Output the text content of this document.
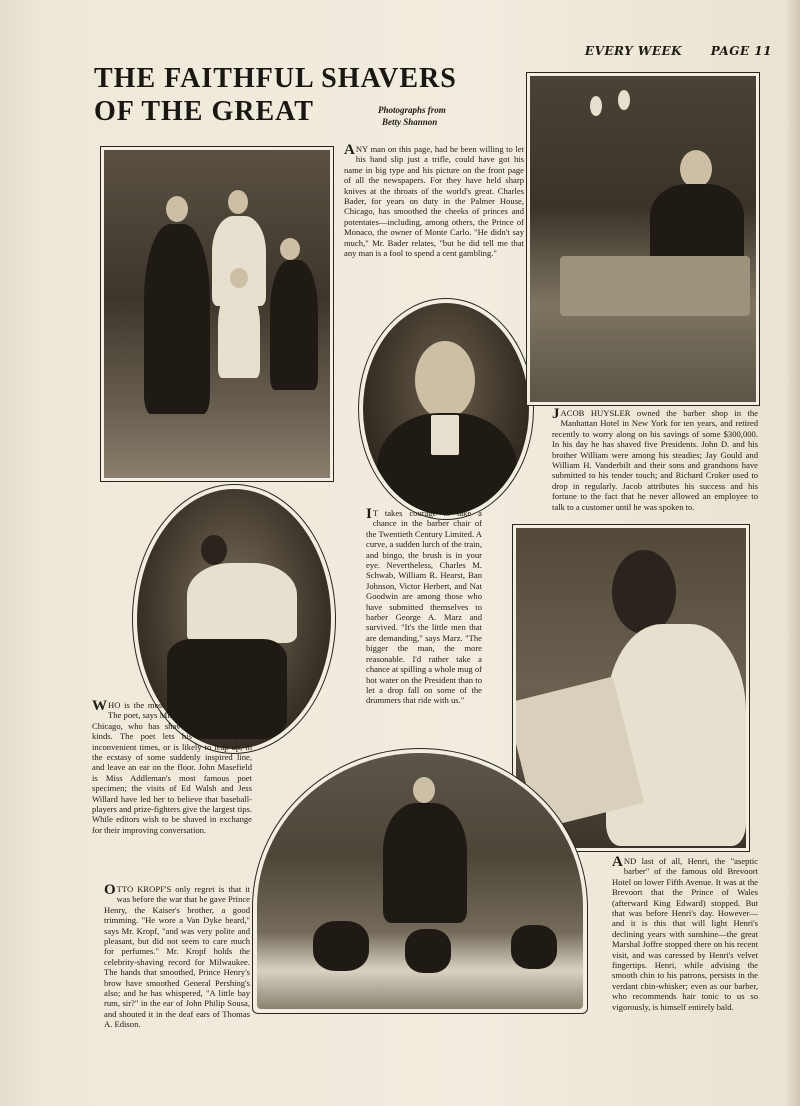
EVERY WEEK PAGE 11
THE FAITHFUL SHAVERS
OF THE GREAT	Photographs from
Betty Shannon
ANY man on this page, had he been willing to let his hand slip just a trifle, could have got his name in big type and his picture on the front page of all the newspapers. For they have held sharp knives at the throats of the world's great. Charles Bader, for years on duty in the Palmer House, Chicago, has smoothed the cheeks of princes and potentates—including, among others, the Prince of Monaco, the owner of Monte Carlo. "He didn't say much," Mr. Bader relates, "but he did tell me that any man is a fool to spend a cent gambling."
JACOB HUYSLER owned the barber shop in the Manhattan Hotel in New York for ten years, and retired recently to worry along on his savings of some $300,000. In his day he has shaved five Presidents. John D. and his brother William were among his steadies; Jay Gould and William H. Vanderbilt and their sons and grandsons have submitted to his tender touch; and Richard Croker used to drop in regularly. Jacob attributes his success and his fortune to the fact that he never allowed an employee to talk to a customer until he was spoken to.
I T takes courage to take a chance in the barber chair of the Twentieth Century Limited. A curve, a sudden lurch of the train, and bingo, the brush is in your eye. Nevertheless, Charles M. Schwab, William R. Hearst, Ban Johnson, Victor Herbert, and Nat Goodwin are among those who have submitted themselves to barber George A. Marz and survived. "It's the little men that are demanding," says Marz. "The bigger the man, the more reasonable. I'd rather take a chance at spilling a whole mug of hot water on the President than to let a drop fall on some of the drummers that ride with us."
WHO is the most difficult man to shave? The poet, says Miss Frances Addleman of Chicago, who has shaved and hair-cut all kinds. The poet lets his head drop at inconvenient times, or is likely to leap up, in the ecstasy of some suddenly inspired line, and leave an ear on the floor. John Masefield is Miss Addleman's most famous poet specimen; the visits of Ed Walsh and Jess Willard have led her to believe that baseball-players and prize-fighters give the largest tips. While editors wish to be shaved in exchange for their improving conversation.
OTTO KROPF'S only regret is that it was before the war that he gave Prince Henry, the Kaiser's brother, a good trimming. "He wore a Van Dyke beard," says Mr. Kropf, "and was very polite and pleasant, but did not seem to care much for perfumes." Mr. Kropf holds the celebrity-shaving record for Milwaukee. The hands that smoothed, Prince Henry's brow have smoothed General Pershing's also; and he has whispered, "A little bay rum, sir?" in the ear of John Philip Sousa, and shouted it in the deaf ears of Thomas A. Edison.
AND last of all, Henri, the "aseptic barber" of the famous old Brevoort Hotel on lower Fifth Avenue. It was at the Brevoort that the Prince of Wales (afterward King Edward) stopped. But that was before Henri's day. However—and it is this that will light Henri's declining years with sunshine—the great Marshal Joffre stopped there on his recent visit, and was caressed by Henri's velvet fingertips. Henri, while advising the smooth chin to his patrons, persists in the verdant chin-whisker; even as our barber, who recommends hair tonic to us so vigorously, is himself entirely bald.
